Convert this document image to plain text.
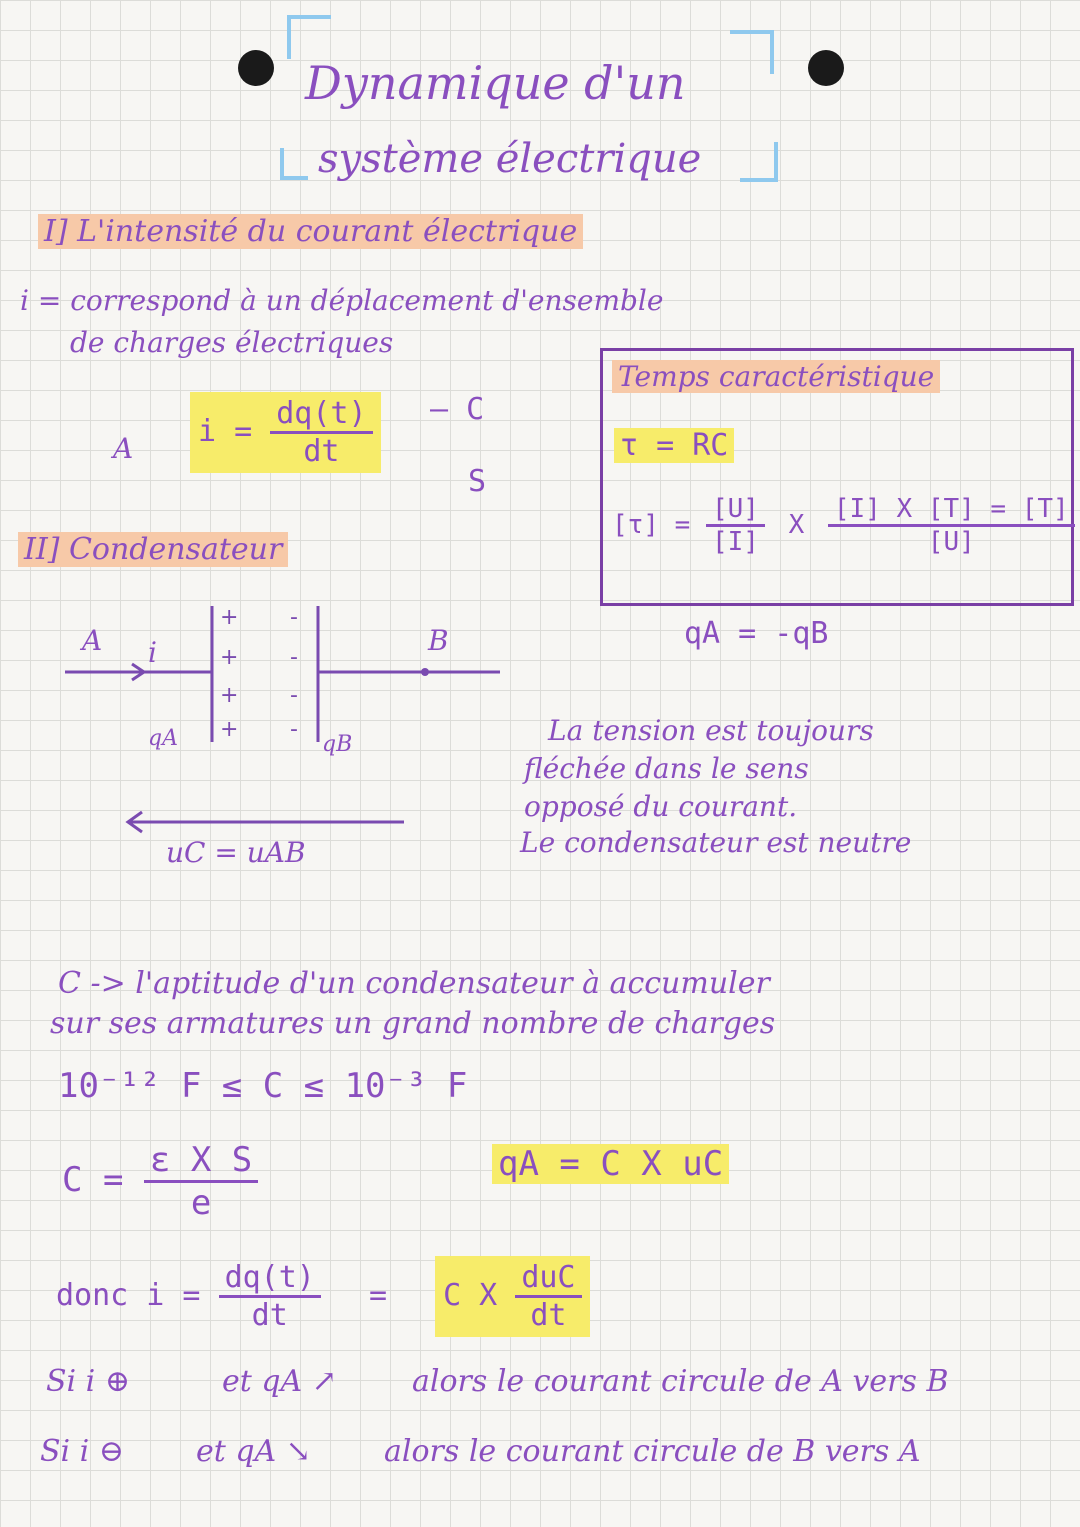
Dynamique d'un
système électrique
I] L'intensité du courant électrique
i = correspond à un déplacement d'ensemble
de charges électriques
A $i = \frac{dq(t)}{dt}$ — C
S
Temps caractéristique
τ = RC
$[\tau] = \frac{[U]}{[I]}$ X $\frac{[I] X [T] = [T]}{[U]}$
II] Condensateur
+
+
+
+
-
-
-
-
A i	B
qA	qB
uC = uAB
qA = -qB
La tension est toujours
fléchée dans le sens
opposé du courant.
Le condensateur est neutre
C -> l'aptitude d'un condensateur à accumuler
sur ses armatures un grand nombre de charges
10⁻¹² F ≤ C ≤ 10⁻³ F
$C = \frac{\text{ε X S}}{e}$	qA = C X uC
donc $i = \frac{dq(t)}{dt} = C$ X $\frac{\text{duC}}{dt}$
Si i ⊕	et qA ↗	alors le courant circule de A vers B
Si i ⊖ et qA ↘ alors le courant circule de B vers A
